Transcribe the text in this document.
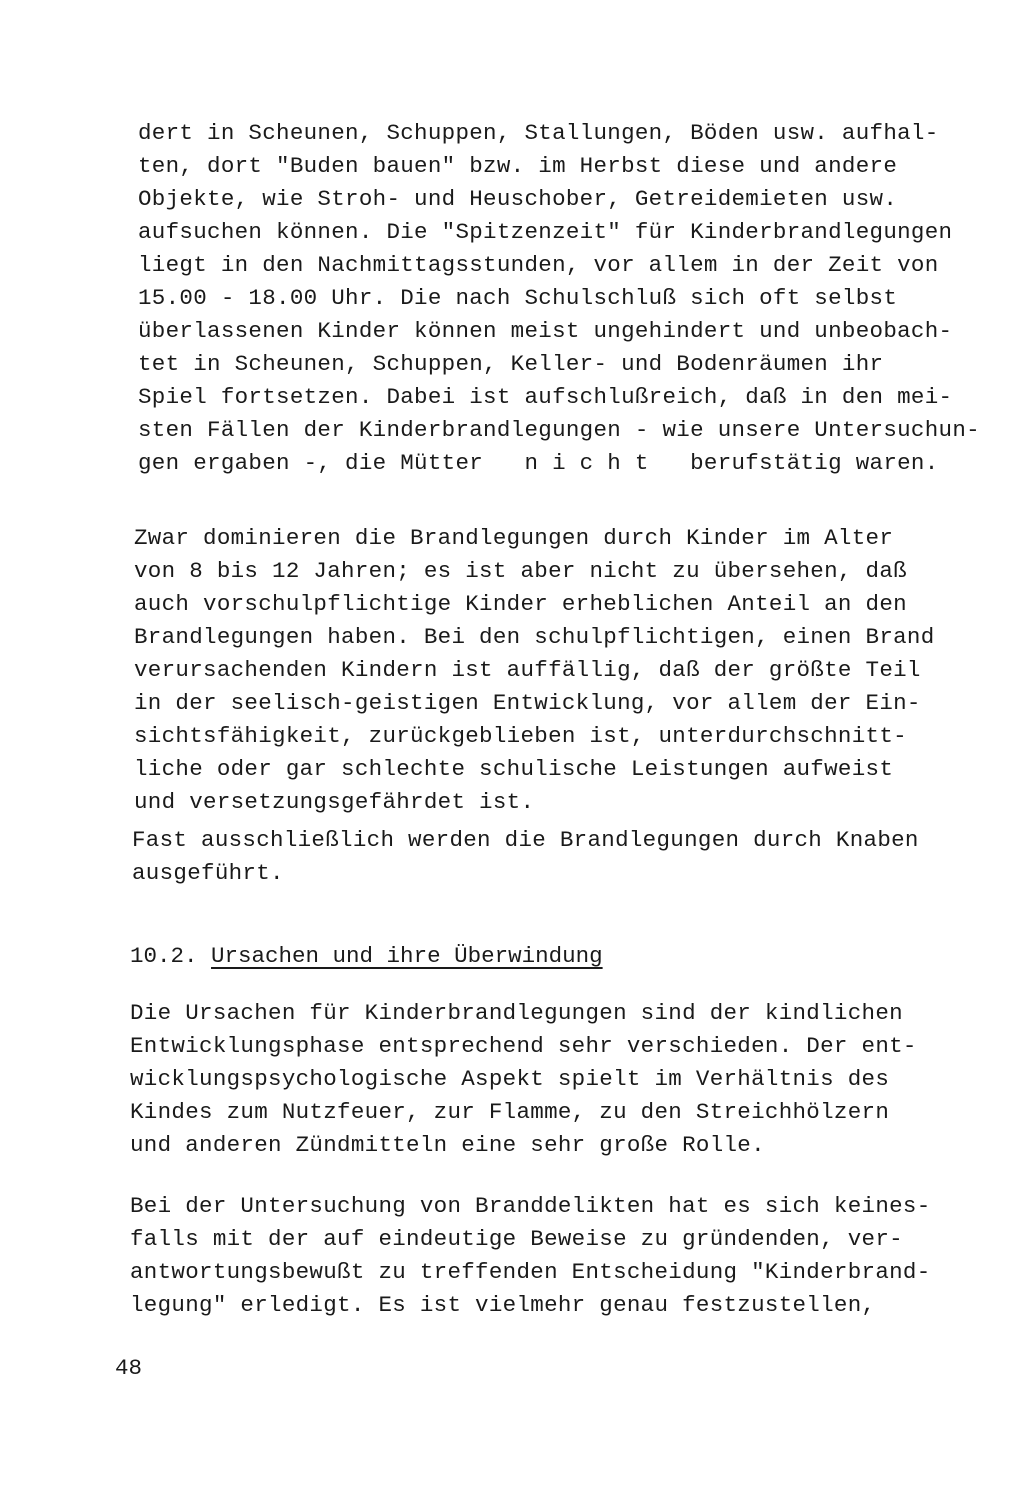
dert in Scheunen, Schuppen, Stallungen, Böden usw. aufhal-
ten, dort "Buden bauen" bzw. im Herbst diese und andere
Objekte, wie Stroh- und Heuschober, Getreidemieten usw.
aufsuchen können. Die "Spitzenzeit" für Kinderbrandlegungen
liegt in den Nachmittagsstunden, vor allem in der Zeit von
15.00 - 18.00 Uhr. Die nach Schulschluß sich oft selbst
überlassenen Kinder können meist ungehindert und unbeobach-
tet in Scheunen, Schuppen, Keller- und Bodenräumen ihr
Spiel fortsetzen. Dabei ist aufschlußreich, daß in den mei-
sten Fällen der Kinderbrandlegungen - wie unsere Untersuchun-
gen ergaben -, die Mütter   n i c h t   berufstätig waren.
Zwar dominieren die Brandlegungen durch Kinder im Alter
von 8 bis 12 Jahren; es ist aber nicht zu übersehen, daß
auch vorschulpflichtige Kinder erheblichen Anteil an den
Brandlegungen haben. Bei den schulpflichtigen, einen Brand
verursachenden Kindern ist auffällig, daß der größte Teil
in der seelisch-geistigen Entwicklung, vor allem der Ein-
sichtsfähigkeit, zurückgeblieben ist, unterdurchschnitt-
liche oder gar schlechte schulische Leistungen aufweist
und versetzungsgefährdet ist.
Fast ausschließlich werden die Brandlegungen durch Knaben
ausgeführt.
10.2. Ursachen und ihre Überwindung
Die Ursachen für Kinderbrandlegungen sind der kindlichen
Entwicklungsphase entsprechend sehr verschieden. Der ent-
wicklungspsychologische Aspekt spielt im Verhältnis des
Kindes zum Nutzfeuer, zur Flamme, zu den Streichhölzern
und anderen Zündmitteln eine sehr große Rolle.
Bei der Untersuchung von Branddelikten hat es sich keines-
falls mit der auf eindeutige Beweise zu gründenden, ver-
antwortungsbewußt zu treffenden Entscheidung "Kinderbrand-
legung" erledigt. Es ist vielmehr genau festzustellen,
48
